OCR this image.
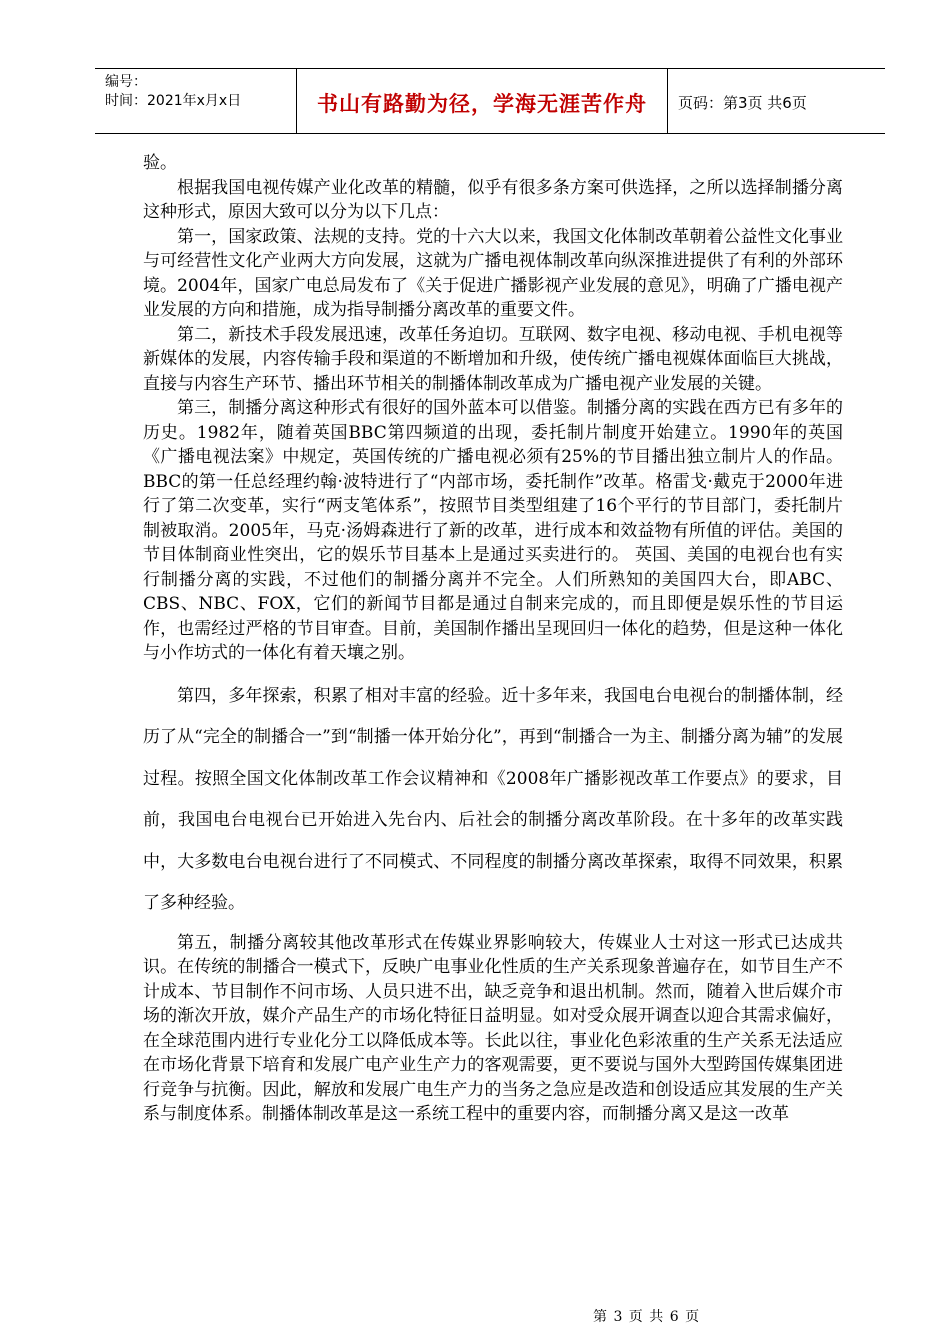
编号：
时间：2021年x月x日	书山有路勤为径，学海无涯苦作舟	页码：第3页 共6页

验。

根据我国电视传媒产业化改革的精髓，似乎有很多条方案可供选择，之所以选择制播分离这种形式，原因大致可以分为以下几点：

第一，国家政策、法规的支持。党的十六大以来，我国文化体制改革朝着公益性文化事业与可经营性文化产业两大方向发展，这就为广播电视体制改革向纵深推进提供了有利的外部环境。2004年，国家广电总局发布了《关于促进广播影视产业发展的意见》，明确了广播电视产业发展的方向和措施，成为指导制播分离改革的重要文件。

第二，新技术手段发展迅速，改革任务迫切。互联网、数字电视、移动电视、手机电视等新媒体的发展，内容传输手段和渠道的不断增加和升级，使传统广播电视媒体面临巨大挑战，直接与内容生产环节、播出环节相关的制播体制改革成为广播电视产业发展的关键。

第三，制播分离这种形式有很好的国外蓝本可以借鉴。制播分离的实践在西方已有多年的历史。1982年，随着英国BBC第四频道的出现，委托制片制度开始建立。1990年的英国《广播电视法案》中规定，英国传统的广播电视必须有25%的节目播出独立制片人的作品。BBC的第一任总经理约翰·波特进行了“内部市场，委托制作”改革。格雷戈·戴克于2000年进行了第二次变革，实行“两支笔体系”，按照节目类型组建了16个平行的节目部门，委托制片制被取消。2005年，马克·汤姆森进行了新的改革，进行成本和效益物有所值的评估。美国的节目体制商业性突出，它的娱乐节目基本上是通过买卖进行的。 英国、美国的电视台也有实行制播分离的实践，不过他们的制播分离并不完全。人们所熟知的美国四大台，即ABC、CBS、NBC、FOX，它们的新闻节目都是通过自制来完成的，而且即便是娱乐性的节目运作，也需经过严格的节目审查。目前，美国制作播出呈现回归一体化的趋势，但是这种一体化与小作坊式的一体化有着天壤之别。

第四，多年探索，积累了相对丰富的经验。近十多年来，我国电台电视台的制播体制，经历了从“完全的制播合一”到“制播一体开始分化”，再到“制播合一为主、制播分离为辅”的发展过程。按照全国文化体制改革工作会议精神和《2008年广播影视改革工作要点》的要求，目前，我国电台电视台已开始进入先台内、后社会的制播分离改革阶段。在十多年的改革实践中，大多数电台电视台进行了不同模式、不同程度的制播分离改革探索，取得不同效果，积累了多种经验。

第五，制播分离较其他改革形式在传媒业界影响较大，传媒业人士对这一形式已达成共识。在传统的制播合一模式下，反映广电事业化性质的生产关系现象普遍存在，如节目生产不计成本、节目制作不问市场、人员只进不出，缺乏竞争和退出机制。然而，随着入世后媒介市场的渐次开放，媒介产品生产的市场化特征日益明显。如对受众展开调查以迎合其需求偏好，在全球范围内进行专业化分工以降低成本等。长此以往，事业化色彩浓重的生产关系无法适应在市场化背景下培育和发展广电产业生产力的客观需要，更不要说与国外大型跨国传媒集团进行竞争与抗衡。因此，解放和发展广电生产力的当务之急应是改造和创设适应其发展的生产关系与制度体系。制播体制改革是这一系统工程中的重要内容，而制播分离又是这一改革

第 3 页 共 6 页
